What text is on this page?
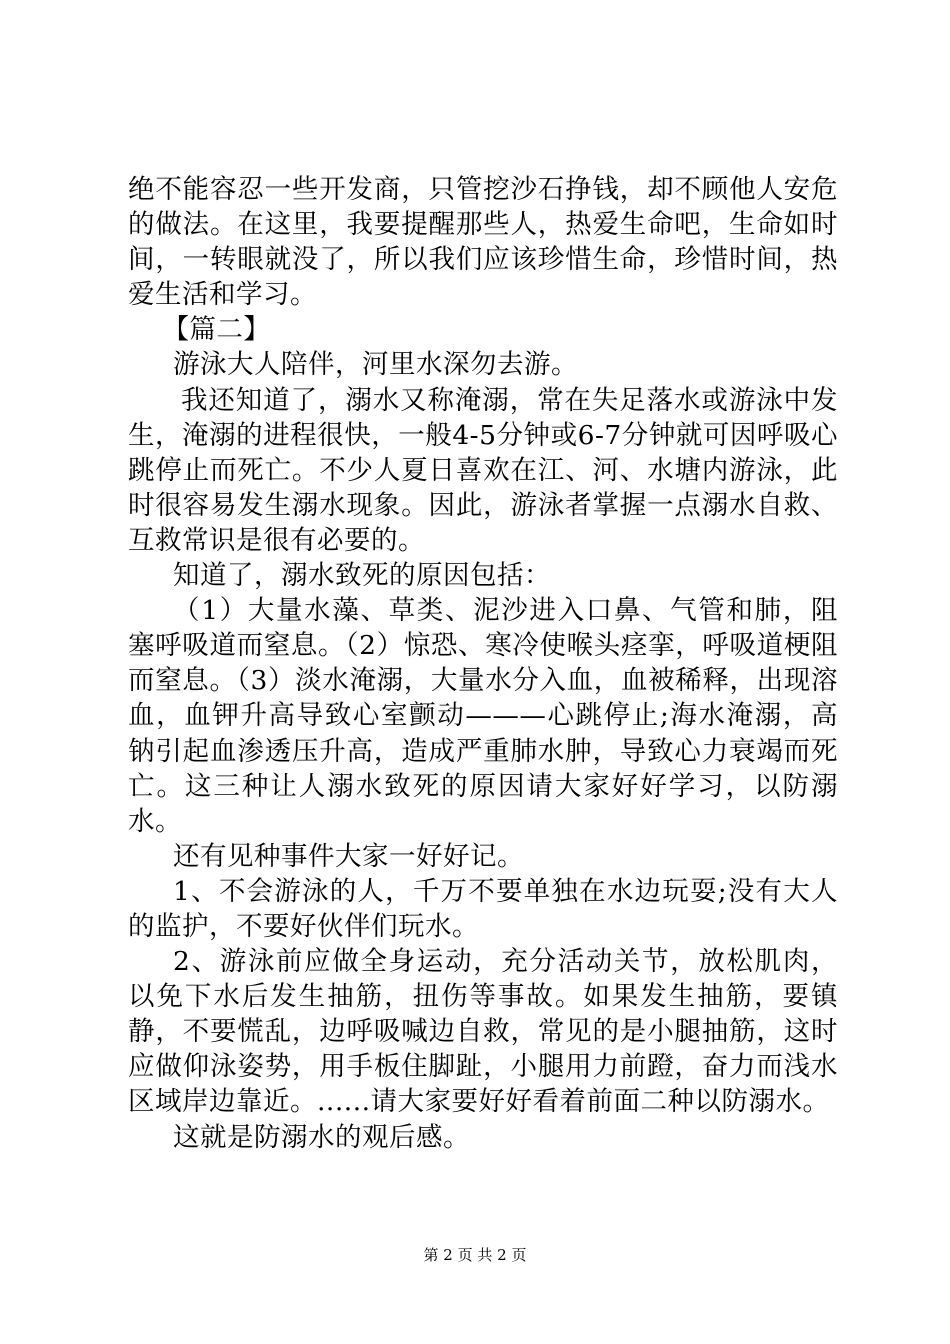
绝不能容忍一些开发商，只管挖沙石挣钱，却不顾他人安危的做法。在这里，我要提醒那些人，热爱生命吧，生命如时间，一转眼就没了，所以我们应该珍惜生命，珍惜时间，热爱生活和学习。

【篇二】

游泳大人陪伴，河里水深勿去游。

我还知道了，溺水又称淹溺，常在失足落水或游泳中发生，淹溺的进程很快，一般4-5分钟或6-7分钟就可因呼吸心跳停止而死亡。不少人夏日喜欢在江、河、水塘内游泳，此时很容易发生溺水现象。因此，游泳者掌握一点溺水自救、互救常识是很有必要的。

知道了，溺水致死的原因包括：

（1）大量水藻、草类、泥沙进入口鼻、气管和肺，阻塞呼吸道而窒息。（2）惊恐、寒冷使喉头痉挛，呼吸道梗阻而窒息。（3）淡水淹溺，大量水分入血，血被稀释，出现溶血，血钾升高导致心室颤动———心跳停止;海水淹溺，高钠引起血渗透压升高，造成严重肺水肿，导致心力衰竭而死亡。这三种让人溺水致死的原因请大家好好学习，以防溺水。

还有见种事件大家一好好记。

1、不会游泳的人，千万不要单独在水边玩耍;没有大人的监护，不要好伙伴们玩水。

2、游泳前应做全身运动，充分活动关节，放松肌肉，以免下水后发生抽筋，扭伤等事故。如果发生抽筋，要镇静，不要慌乱，边呼吸喊边自救，常见的是小腿抽筋，这时应做仰泳姿势，用手板住脚趾，小腿用力前蹬，奋力而浅水区域岸边靠近。......请大家要好好看着前面二种以防溺水。

这就是防溺水的观后感。

第 2 页 共 2 页
